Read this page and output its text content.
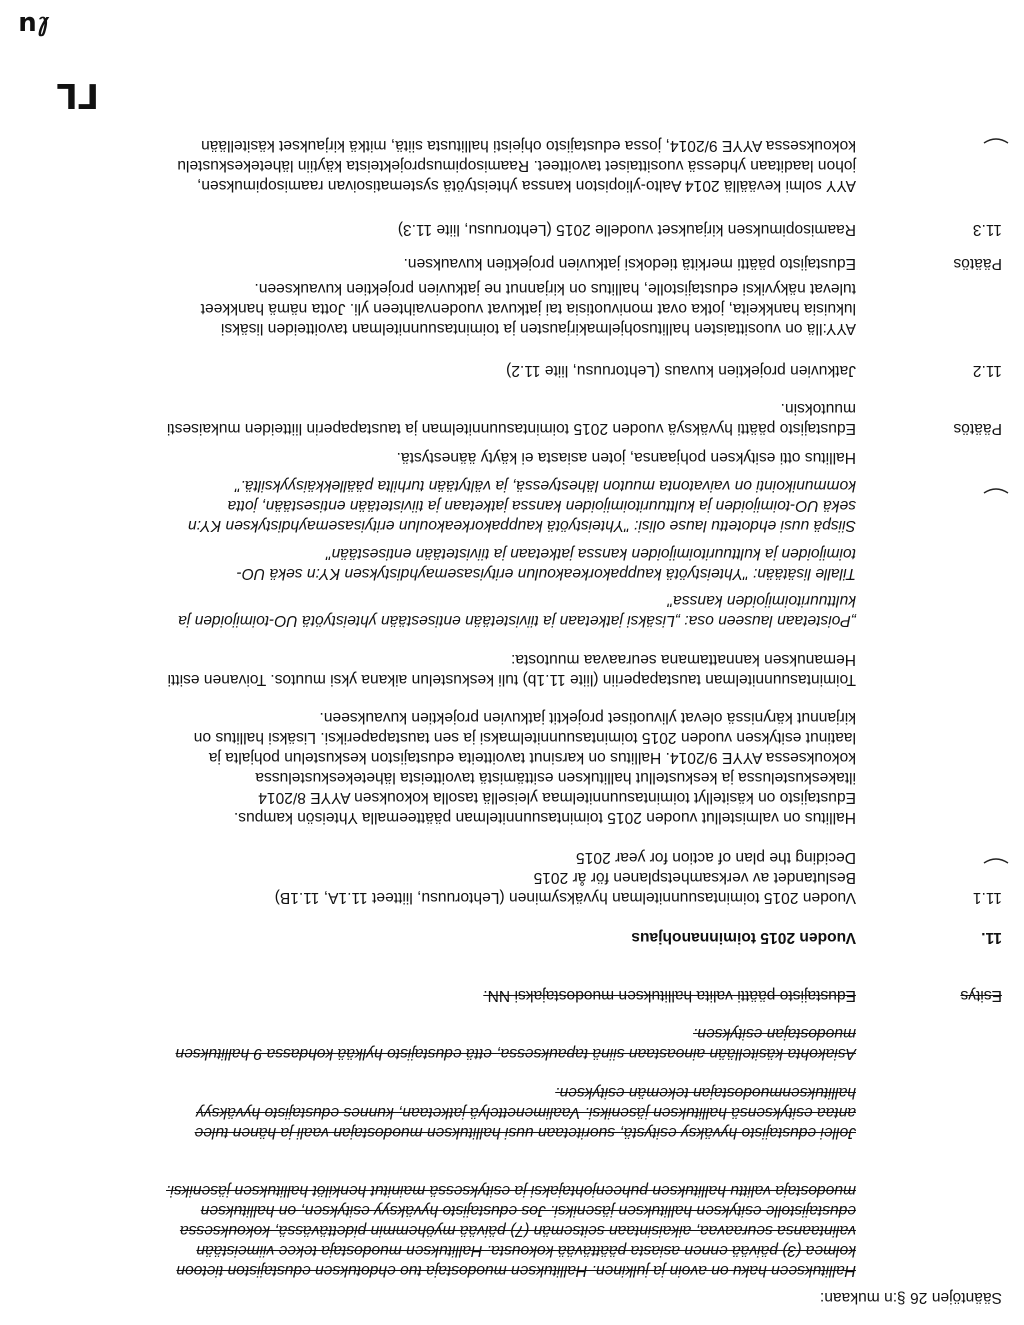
Sääntöjen 26 §:n mukaan:

Hallitukseen haku on avoin ja julkinen. Hallituksen muodostaja tuo ehdotuksen edustajiston tietoon kolmea (3) päivää ennen asiasta päättävää kokousta. Hallituksen muodostaja tekee viimeistään valintaansa seuraavaa, aikaisintaan seitsemän (7) päivää myöhemmin pidettävässä, kokouksessa edustajistolle esityksen hallituksen jäseniksi. Jos edustajisto hyväksyy esityksen, on hallituksen muodostaja valittu hallituksen puheenjohtajaksi ja esityksessä mainitut henkilöt hallituksen jäseniksi.

Jollei edustajisto hyväksy esitystä, suoritetaan uusi hallituksen muodostajan vaali ja hänen tulee antaa esityksensä hallituksen jäseniksi. Vaalimenettelyä jatketaan, kunnes edustajisto hyväksyy hallituksenmuodostajan tekemän esityksen.

Asiakohta käsitellään ainoastaan siinä tapauksessa, että edustajisto hylkää kohdassa 9 hallituksen muodostajan esityksen.

Esitys
Edustajisto päätti valita hallituksen muodostajaksi NN.
11.
Vuoden 2015 toiminnanohjaus
11.1

Vuoden 2015 toimintasuunnitelman hyväksyminen (Lehtoruusu, liitteet 11.1A, 11.1B)

Beslutandet av verksamhetsplanen för år 2015

Deciding the plan of action for year 2015

Hallitus on valmistellut vuoden 2015 toimintasuunnitelman päätteemalla Yhteisön kampus. Edustajisto on käsitellyt toimintasuunnitelmaa yleisellä tasolla kokouksen AYYE 8/2014 iltakeskustelussa ja keskustellut hallituksen esittämistä tavoitteista lähetekeskustelussa kokouksessa AYYE 9/2014. Hallitus on karsinut tavoitteita edustajiston keskustelun pohjalta ja laatinut esityksen vuoden 2015 toimintasuunnitelmaksi ja sen taustapaperiksi. Lisäksi hallitus on kirjannut kärynissä olevat ylivuotiset projektit jatkuvien projektien kuvaukseen.

Toimintasuunnitelman taustapaperiin (liite 11.1b) tuli keskustelun aikana yksi muutos. Toivanen esitti Hemanuksen kannattamana seuraavaa muutosta:

„Poistetaan lauseen osa: „Lisäksi jatketaan ja tiivistetään entisestään yhteistyötä UO-toimijoiden ja kulttuuritoimijoiden kanssa"

Tilalle lisätään: "Yhteistyötä kauppakorkeakoulun erityisasemayhdistyksen KY:n sekä UO-toimijoiden ja kulttuuritoimijoiden kanssa jatketaan ja tiivistetään entisestään"

Siispä uusi ehdotettu lause olisi: "Yhteistyötä kauppakorkeakoulun erityisasemayhdistyksen KY:n sekä UO-toimijoiden ja kulttuuritoimijoiden kanssa jatketaan ja tiivistetään entisestään, jotta kommunikointi on vaivatonta muuton lähestyessä, ja vältytään turhilta päällekkäisyyksiltä."

Hallitus otti esityksen pohjaansa, joten asiasta ei käyty äänestystä.
Päätös
Edustajisto päätti hyväksyä vuoden 2015 toimintasuunnitelman ja taustapaperin liitteiden mukaisesti muutoksin.
11.2
Jatkuvien projektien kuvaus (Lehtoruusu, liite 11.2)

AYY:llä on vuosittaisten hallitusohjelmakirjausten ja toimintasuunnitelman tavoitteiden lisäksi lukuisia hankkeita, jotka ovat monivuotisia tai jatkuvat vuodenvaihteen yli. Jotta nämä hankkeet tulevat näkyviksi edustajistolle, hallitus on kirjannut ne jatkuvien projektien kuvaukseen.

Päätös
Edustajisto päätti merkitä tiedoksi jatkuvien projektien kuvauksen.
11.3
Raamisopimuksen kirjaukset vuodelle 2015 (Lehtoruusu, liite 11.3)

AYY solmi keväällä 2014 Aalto-yliopiston kanssa yhteistyötä systematisoivan raamisopimuksen, johon laaditaan yhdessä vuosittaiset tavoitteet. Raamisopimusprojekteista käytiin lähetekeskustelu kokouksessa AYYE 9/2014, jossa edustajisto ohjeisti hallitusta siitä, mitkä kirjaukset käsitellään

ᒥᒪ
ℓu
